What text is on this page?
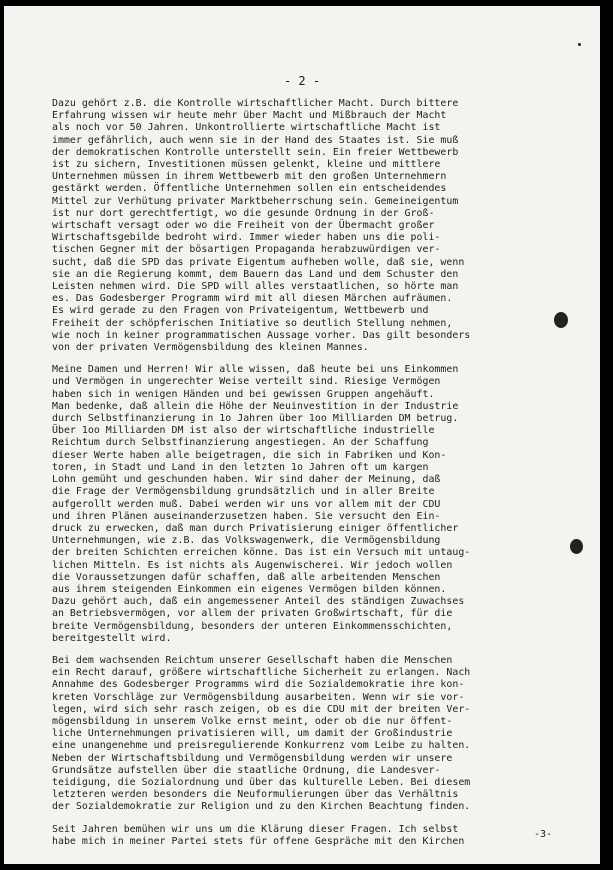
- 2 -
Dazu gehört z.B. die Kontrolle wirtschaftlicher Macht. Durch bittere
Erfahrung wissen wir heute mehr über Macht und Mißbrauch der Macht
als noch vor 50 Jahren. Unkontrollierte wirtschaftliche Macht ist
immer gefährlich, auch wenn sie in der Hand des Staates ist. Sie muß
der demokratischen Kontrolle unterstellt sein. Ein freier Wettbewerb
ist zu sichern, Investitionen müssen gelenkt, kleine und mittlere
Unternehmen müssen in ihrem Wettbewerb mit den großen Unternehmern
gestärkt werden. Öffentliche Unternehmen sollen ein entscheidendes
Mittel zur Verhütung privater Marktbeherrschung sein. Gemeineigentum
ist nur dort gerechtfertigt, wo die gesunde Ordnung in der Groß-
wirtschaft versagt oder wo die Freiheit von der Übermacht großer
Wirtschaftsgebilde bedroht wird. Immer wieder haben uns die poli-
tischen Gegner mit der bösartigen Propaganda herabzuwürdigen ver-
sucht, daß die SPD das private Eigentum aufheben wolle, daß sie, wenn
sie an die Regierung kommt, dem Bauern das Land und dem Schuster den
Leisten nehmen wird. Die SPD will alles verstaatlichen, so hörte man
es. Das Godesberger Programm wird mit all diesen Märchen aufräumen.
Es wird gerade zu den Fragen von Privateigentum, Wettbewerb und
Freiheit der schöpferischen Initiative so deutlich Stellung nehmen,
wie noch in keiner programmatischen Aussage vorher. Das gilt besonders
von der privaten Vermögensbildung des kleinen Mannes.
Meine Damen und Herren! Wir alle wissen, daß heute bei uns Einkommen
und Vermögen in ungerechter Weise verteilt sind. Riesige Vermögen
haben sich in wenigen Händen und bei gewissen Gruppen angehäuft.
Man bedenke, daß allein die Höhe der Neuinvestition in der Industrie
durch Selbstfinanzierung in 1o Jahren über 1oo Milliarden DM betrug.
Über 1oo Milliarden DM ist also der wirtschaftliche industrielle
Reichtum durch Selbstfinanzierung angestiegen. An der Schaffung
dieser Werte haben alle beigetragen, die sich in Fabriken und Kon-
toren, in Stadt und Land in den letzten 1o Jahren oft um kargen
Lohn gemüht und geschunden haben. Wir sind daher der Meinung, daß
die Frage der Vermögensbildung grundsätzlich und in aller Breite
aufgerollt werden muß. Dabei werden wir uns vor allem mit der CDU
und ihren Plänen auseinanderzusetzen haben. Sie versucht den Ein-
druck zu erwecken, daß man durch Privatisierung einiger öffentlicher
Unternehmungen, wie z.B. das Volkswagenwerk, die Vermögensbildung
der breiten Schichten erreichen könne. Das ist ein Versuch mit untaug-
lichen Mitteln. Es ist nichts als Augenwischerei. Wir jedoch wollen
die Voraussetzungen dafür schaffen, daß alle arbeitenden Menschen
aus ihrem steigenden Einkommen ein eigenes Vermögen bilden können.
Dazu gehört auch, daß ein angemessener Anteil des ständigen Zuwachses
an Betriebsvermögen, vor allem der privaten Großwirtschaft, für die
breite Vermögensbildung, besonders der unteren Einkommensschichten,
bereitgestellt wird.
Bei dem wachsenden Reichtum unserer Gesellschaft haben die Menschen
ein Recht darauf, größere wirtschaftliche Sicherheit zu erlangen. Nach
Annahme des Godesberger Programms wird die Sozialdemokratie ihre kon-
kreten Vorschläge zur Vermögensbildung ausarbeiten. Wenn wir sie vor-
legen, wird sich sehr rasch zeigen, ob es die CDU mit der breiten Ver-
mögensbildung in unserem Volke ernst meint, oder ob die nur öffent-
liche Unternehmungen privatisieren will, um damit der Großindustrie
eine unangenehme und preisregulierende Konkurrenz vom Leibe zu halten.
Neben der Wirtschaftsbildung und Vermögensbildung werden wir unsere
Grundsätze aufstellen über die staatliche Ordnung, die Landesver-
teidigung, die Sozialordnung und über das kulturelle Leben. Bei diesem
letzteren werden besonders die Neuformulierungen über das Verhältnis
der Sozialdemokratie zur Religion und zu den Kirchen Beachtung finden.
Seit Jahren bemühen wir uns um die Klärung dieser Fragen. Ich selbst
habe mich in meiner Partei stets für offene Gespräche mit den Kirchen
-3-
